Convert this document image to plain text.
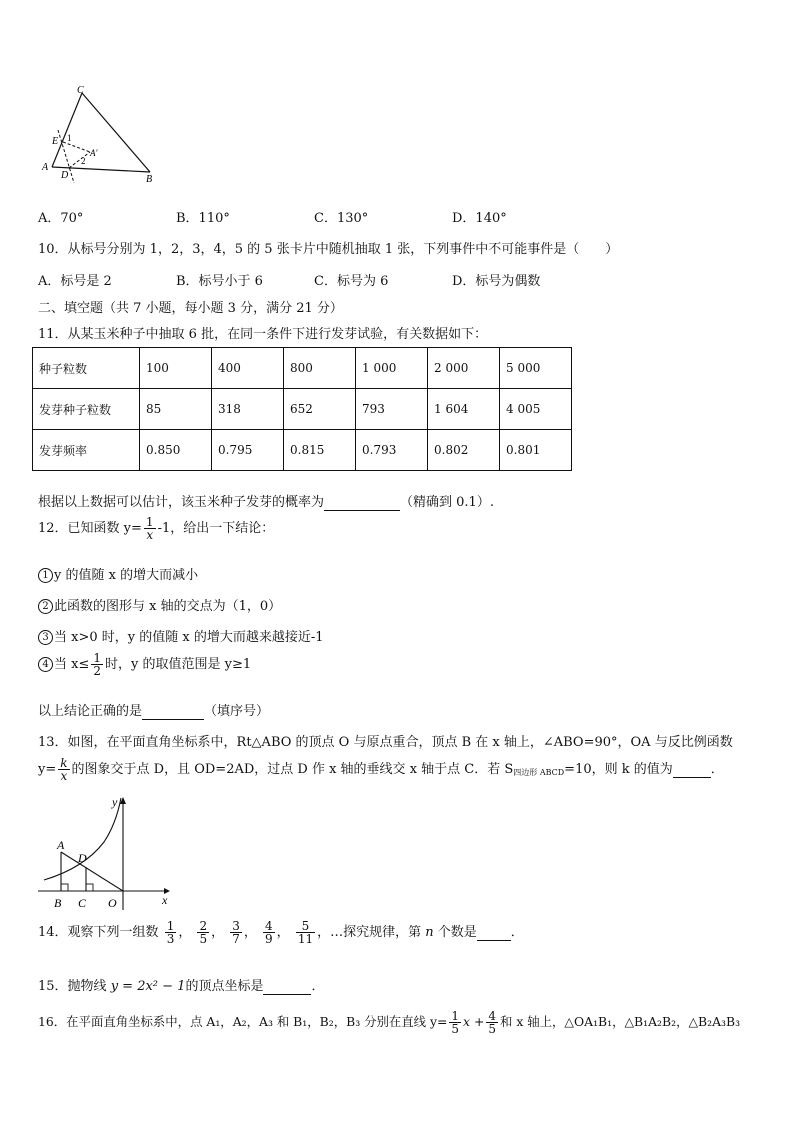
C
E 1
A′
2
A
D	B
A．70°	B．110°	C．130°	D．140°
10．从标号分别为 1，2，3，4，5 的 5 张卡片中随机抽取 1 张，下列事件中不可能事件是（　　）
A．标号是 2	B．标号小于 6	C．标号为 6	D．标号为偶数
二、填空题（共 7 小题，每小题 3 分，满分 21 分）
11．从某玉米种子中抽取 6 批，在同一条件下进行发芽试验，有关数据如下：
种子粒数	100	400	800	1 000	2 000	5 000
发芽种子粒数	85	318	652	793	1 604	4 005
发芽频率	0.850	0.795	0.815	0.793	0.802	0.801
根据以上数据可以估计，该玉米种子发芽的概率为	（精确到 0.1）.
12．已知函数 $y= \frac{1}{x} -1$，给出一下结论：
1 y 的值随 x 的增大而减小
2 此函数的图形与 x 轴的交点为（1，0）
3 当 x>0 时，y 的值随 x 的增大而越来越接近-1
4 当 $x\le \frac{1}{2}$ 时，y 的取值范围是 y≥1
以上结论正确的是	（填序号）
13．如图，在平面直角坐标系中，Rt△ABO 的顶点 O 与原点重合，顶点 B 在 x 轴上，∠ABO=90°，OA 与反比例函数
$y= \frac{k}{x}$ 的图象交于点 D，且 OD=2AD，过点 D 作 x 轴的垂线交 x 轴于点 C．若 S四边形 ABCD=10，则 k 的值为	．
y
A
D
B C O	x
14．观察下列一组数 $\frac{1}{3}$ ， $\frac{2}{5}$ ， $\frac{3}{7}$ ， $\frac{4}{9}$ ， $\frac{5}{11}$ ，…探究规律，第 n 个数是	．
15．抛物线 y = 2x² − 1的顶点坐标是	．
16．在平面直角坐标系中，点 A₁，A₂，A₃ 和 B₁，B₂，B₃ 分别在直线 $y= \frac{1}{5}$ $x + \frac{4}{5}$ 和 x 轴上，△OA₁B₁，△B₁A₂B₂，△B₂A₃B₃
